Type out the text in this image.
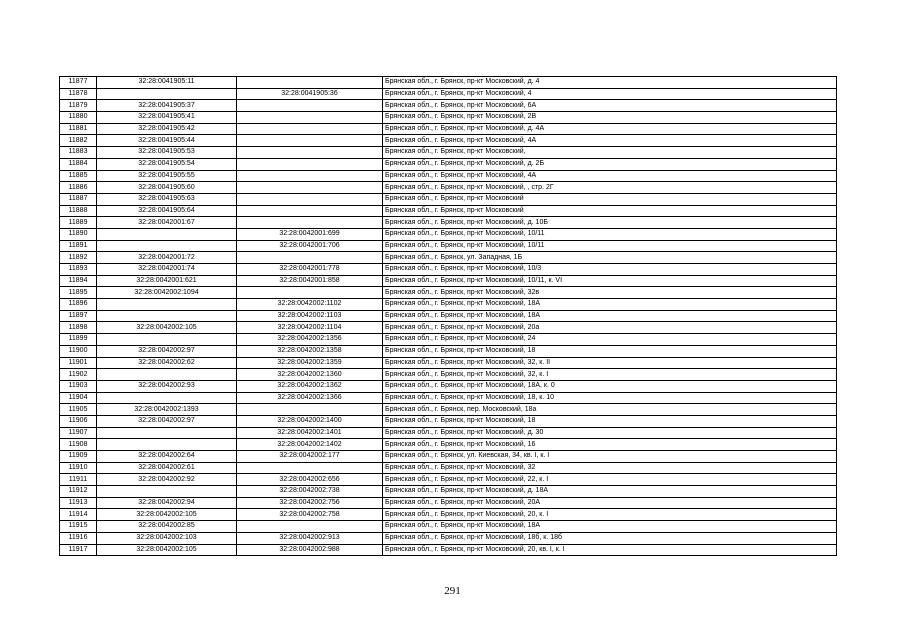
11877	32:28:0041905:11		Брянская обл., г. Брянск, пр-кт Московский, д. 4
11878		32:28:0041905:36	Брянская обл., г. Брянск, пр-кт Московский, 4
11879	32:28:0041905:37		Брянская обл., г. Брянск, пр-кт Московский, 6А
11880	32:28:0041905:41		Брянская обл., г. Брянск, пр-кт Московский, 2В
11881	32:28:0041905:42		Брянская обл., г. Брянск, пр-кт Московский, д. 4А
11882	32:28:0041905:44		Брянская обл., г. Брянск, пр-кт Московский, 4А
11883	32:28:0041905:53		Брянская обл., г. Брянск, пр-кт Московский,
11884	32:28:0041905:54		Брянская обл., г. Брянск, пр-кт Московский, д. 2Б
11885	32:28:0041905:55		Брянская обл., г. Брянск, пр-кт Московский, 4А
11886	32:28:0041905:60		Брянская обл., г. Брянск, пр-кт Московский, , стр. 2Г
11887	32:28:0041905:63		Брянская обл., г. Брянск, пр-кт Московский
11888	32:28:0041905:64		Брянская обл., г. Брянск, пр-кт Московский
11889	32:28:0042001:67		Брянская обл., г. Брянск, пр-кт Московский, д. 10Б
11890		32:28:0042001:699	Брянская обл., г. Брянск, пр-кт Московский, 10/11
11891		32:28:0042001:706	Брянская обл., г. Брянск, пр-кт Московский, 10/11
11892	32:28:0042001:72		Брянская обл., г. Брянск, ул. Западная, 1Б
11893	32:28:0042001:74	32:28:0042001:778	Брянская обл., г. Брянск, пр-кт Московский, 10/3
11894	32:28:0042001:621	32:28:0042001:858	Брянская обл., г. Брянск, пр-кт Московский, 10/11, к. VI
11895	32:28:0042002:1094		Брянская обл., г. Брянск, пр-кт Московский, 32в
11896		32:28:0042002:1102	Брянская обл., г. Брянск, пр-кт Московский, 18А
11897		32:28:0042002:1103	Брянская обл., г. Брянск, пр-кт Московский, 18А
11898	32:28:0042002:105	32:28:0042002:1104	Брянская обл., г. Брянск, пр-кт Московский, 20а
11899		32:28:0042002:1356	Брянская обл., г. Брянск, пр-кт Московский, 24
11900	32:28:0042002:97	32:28:0042002:1358	Брянская обл., г. Брянск, пр-кт Московский, 18
11901	32:28:0042002:62	32:28:0042002:1359	Брянская обл., г. Брянск, пр-кт Московский, 32, к. II
11902		32:28:0042002:1360	Брянская обл., г. Брянск, пр-кт Московский, 32, к. I
11903	32:28:0042002:93	32:28:0042002:1362	Брянская обл., г. Брянск, пр-кт Московский, 18А, к. 0
11904		32:28:0042002:1366	Брянская обл., г. Брянск, пр-кт Московский, 18, к. 10
11905	32:28:0042002:1393		Брянская обл., г. Брянск, пер. Московский, 18а
11906	32:28:0042002:97	32:28:0042002:1400	Брянская обл., г. Брянск, пр-кт Московский, 18
11907		32:28:0042002:1401	Брянская обл., г. Брянск, пр-кт Московский, д. 30
11908		32:28:0042002:1402	Брянская обл., г. Брянск, пр-кт Московский, 16
11909	32:28:0042002:64	32:28:0042002:177	Брянская обл., г. Брянск, ул. Киевская, 34, кв. I, к. I
11910	32:28:0042002:61		Брянская обл., г. Брянск, пр-кт Московский, 32
11911	32:28:0042002:92	32:28:0042002:656	Брянская обл., г. Брянск, пр-кт Московский, 22, к. I
11912		32:28:0042002:738	Брянская обл., г. Брянск, пр-кт Московский, д. 18А
11913	32:28:0042002:94	32:28:0042002:756	Брянская обл., г. Брянск, пр-кт Московский, 20А
11914	32:28:0042002:105	32:28:0042002:758	Брянская обл., г. Брянск, пр-кт Московский, 20, к. I
11915	32:28:0042002:85		Брянская обл., г. Брянск, пр-кт Московский, 18А
11916	32:28:0042002:103	32:28:0042002:913	Брянская обл., г. Брянск, пр-кт Московский, 18б, к. 18б
11917	32:28:0042002:105	32:28:0042002:988	Брянская обл., г. Брянск, пр-кт Московский, 20, кв. I, к. I
291
